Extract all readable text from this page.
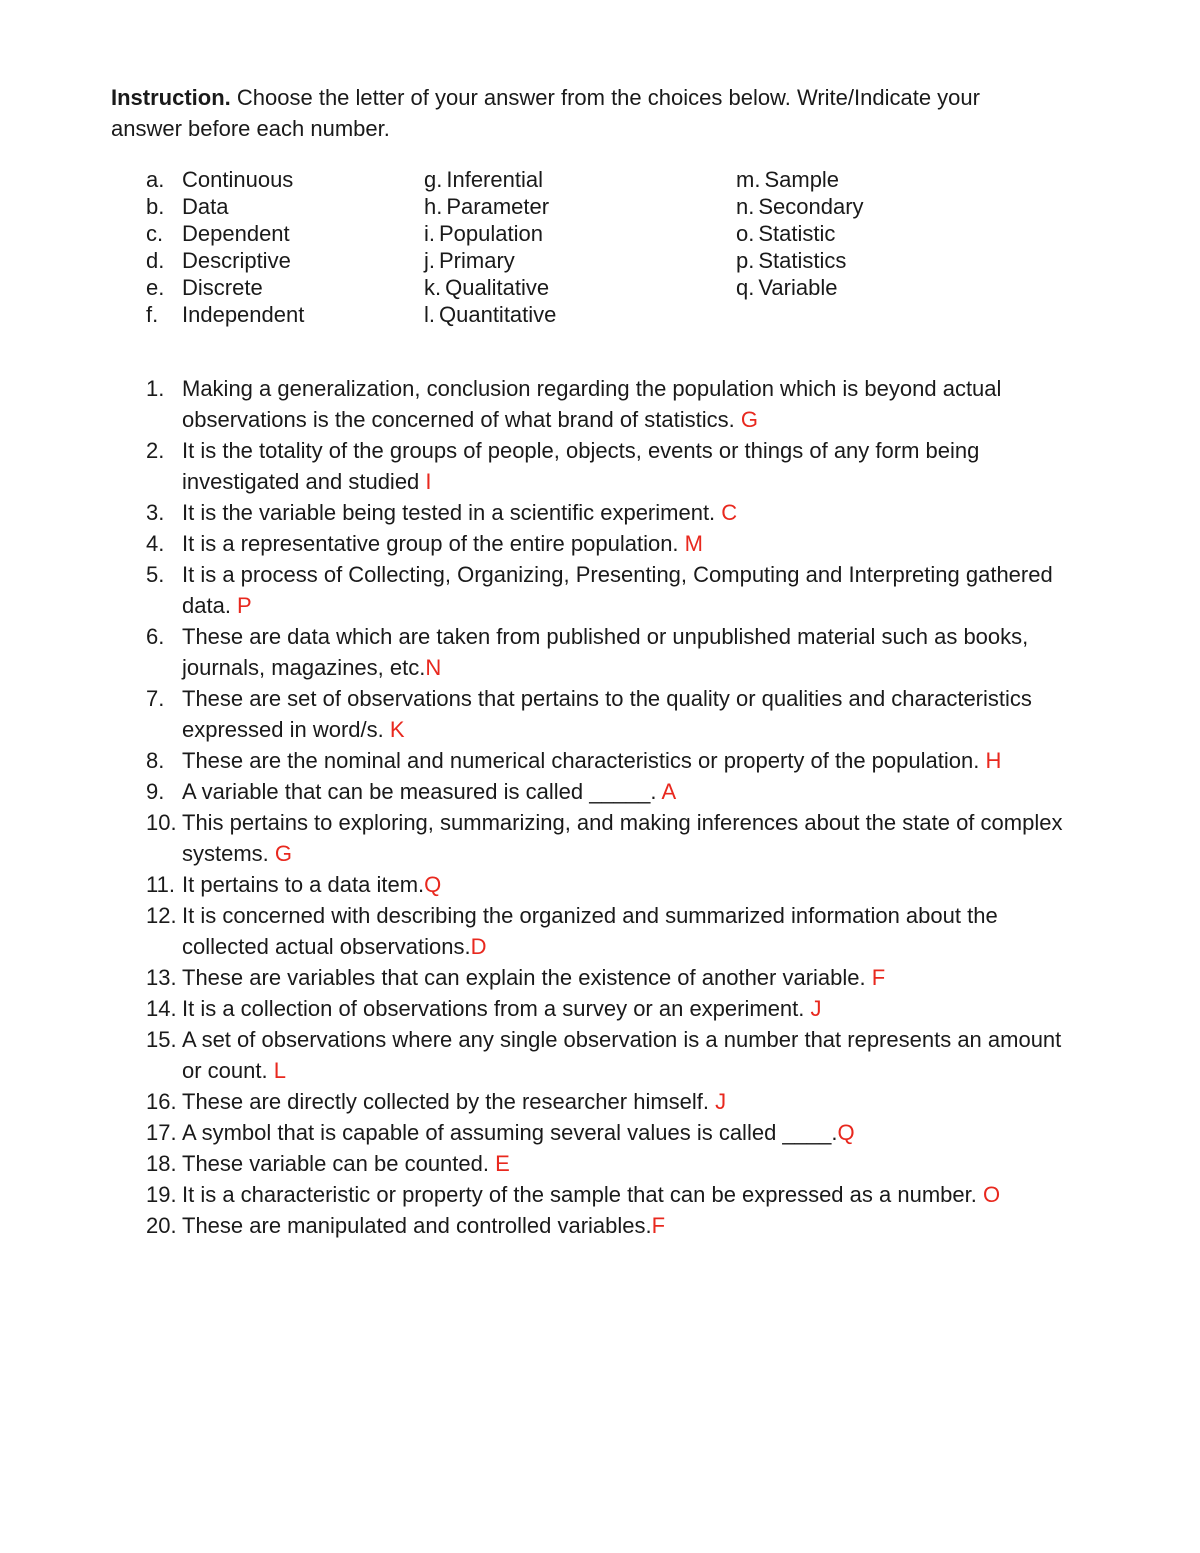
Instruction. Choose the letter of your answer from the choices below. Write/Indicate your answer before each number.

a. Continuous
b. Data
c. Dependent
d. Descriptive
e. Discrete
f. Independent
g. Inferential
h. Parameter
i. Population
j. Primary
k. Qualitative
l. Quantitative
m. Sample
n. Secondary
o. Statistic
p. Statistics
q. Variable
1. Making a generalization, conclusion regarding the population which is beyond actual observations is the concerned of what brand of statistics. G
2. It is the totality of the groups of people, objects, events or things of any form being investigated and studied I
3. It is the variable being tested in a scientific experiment. C
4. It is a representative group of the entire population. M
5. It is a process of Collecting, Organizing, Presenting, Computing and Interpreting gathered data. P
6. These are data which are taken from published or unpublished material such as books, journals, magazines, etc.N
7. These are set of observations that pertains to the quality or qualities and characteristics expressed in word/s. K
8. These are the nominal and numerical characteristics or property of the population. H
9. A variable that can be measured is called _____. A
10. This pertains to exploring, summarizing, and making inferences about the state of complex systems. G
11. It pertains to a data item.Q
12. It is concerned with describing the organized and summarized information about the collected actual observations.D
13. These are variables that can explain the existence of another variable. F
14. It is a collection of observations from a survey or an experiment. J
15. A set of observations where any single observation is a number that represents an amount or count. L
16. These are directly collected by the researcher himself. J
17. A symbol that is capable of assuming several values is called ____.Q
18. These variable can be counted. E
19. It is a characteristic or property of the sample that can be expressed as a number. O
20. These are manipulated and controlled variables.F
